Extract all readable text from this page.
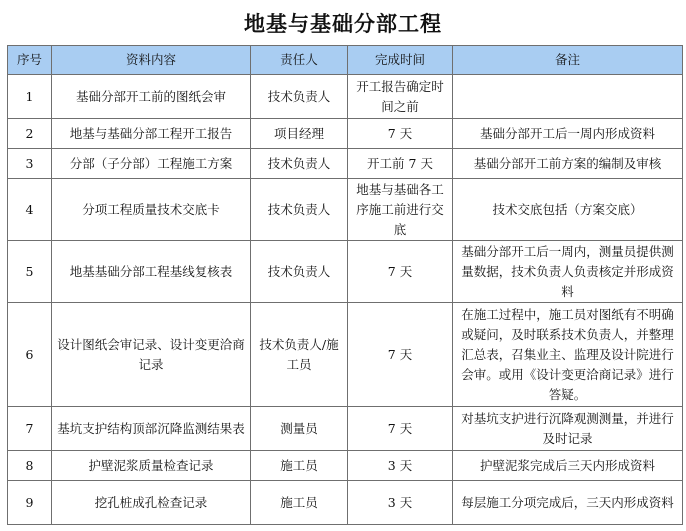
地基与基础分部工程
序号	资料内容	责任人	完成时间	备注
1	基础分部开工前的图纸会审	技术负责人	开工报告确定时间之前	
2	地基与基础分部工程开工报告	项目经理	7 天	基础分部开工后一周内形成资料
3	分部（子分部）工程施工方案	技术负责人	开工前 7 天	基础分部开工前方案的编制及审核
4	分项工程质量技术交底卡	技术负责人	地基与基础各工序施工前进行交底	技术交底包括（方案交底）
5	地基基础分部工程基线复核表	技术负责人	7 天	基础分部开工后一周内，测量员提供测量数据，技术负责人负责核定并形成资料
6	设计图纸会审记录、设计变更洽商记录	技术负责人/施工员	7 天	在施工过程中，施工员对图纸有不明确或疑问，及时联系技术负责人，并整理汇总表，召集业主、监理及设计院进行会审。或用《设计变更洽商记录》进行答疑。
7	基坑支护结构顶部沉降监测结果表	测量员	7 天	对基坑支护进行沉降观测测量，并进行及时记录
8	护壁泥浆质量检查记录	施工员	3 天	护壁泥浆完成后三天内形成资料
9	挖孔桩成孔检查记录	施工员	3 天	每层施工分项完成后，三天内形成资料
